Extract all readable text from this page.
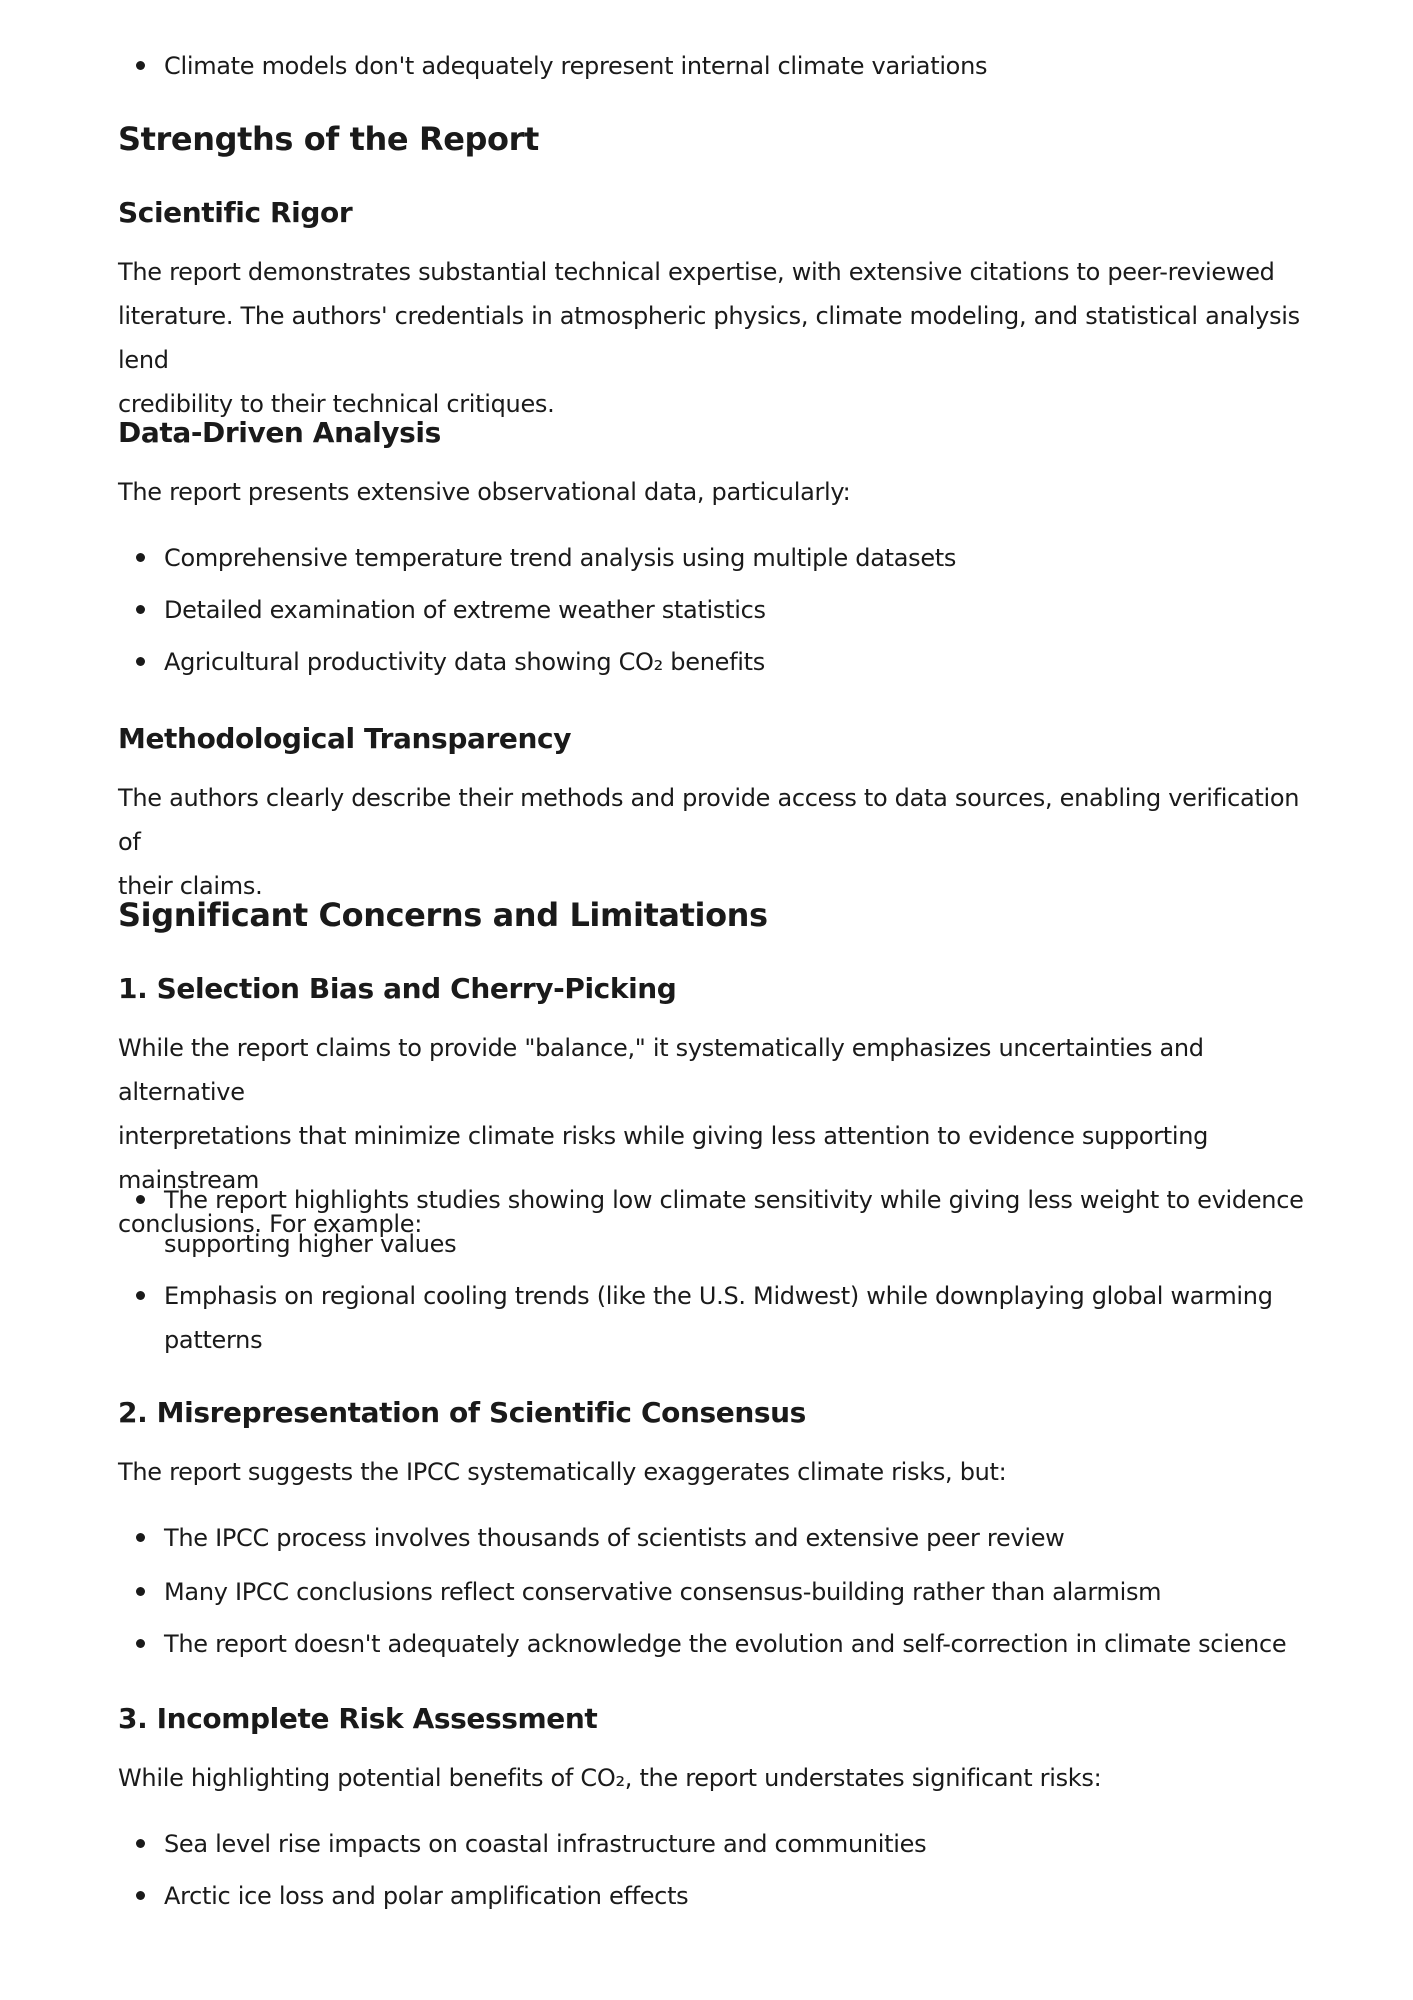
Climate models don't adequately represent internal climate variations
Strengths of the Report
Scientific Rigor
The report demonstrates substantial technical expertise, with extensive citations to peer-reviewed
literature. The authors' credentials in atmospheric physics, climate modeling, and statistical analysis lend
credibility to their technical critiques.
Data-Driven Analysis
The report presents extensive observational data, particularly:
Comprehensive temperature trend analysis using multiple datasets
Detailed examination of extreme weather statistics
Agricultural productivity data showing CO₂ benefits
Methodological Transparency
The authors clearly describe their methods and provide access to data sources, enabling verification of
their claims.
Significant Concerns and Limitations
1. Selection Bias and Cherry-Picking
While the report claims to provide "balance," it systematically emphasizes uncertainties and alternative
interpretations that minimize climate risks while giving less attention to evidence supporting mainstream
conclusions. For example:
The report highlights studies showing low climate sensitivity while giving less weight to evidence
supporting higher values
Emphasis on regional cooling trends (like the U.S. Midwest) while downplaying global warming
patterns
2. Misrepresentation of Scientific Consensus
The report suggests the IPCC systematically exaggerates climate risks, but:
The IPCC process involves thousands of scientists and extensive peer review
Many IPCC conclusions reflect conservative consensus-building rather than alarmism
The report doesn't adequately acknowledge the evolution and self-correction in climate science
3. Incomplete Risk Assessment
While highlighting potential benefits of CO₂, the report understates significant risks:
Sea level rise impacts on coastal infrastructure and communities
Arctic ice loss and polar amplification effects
